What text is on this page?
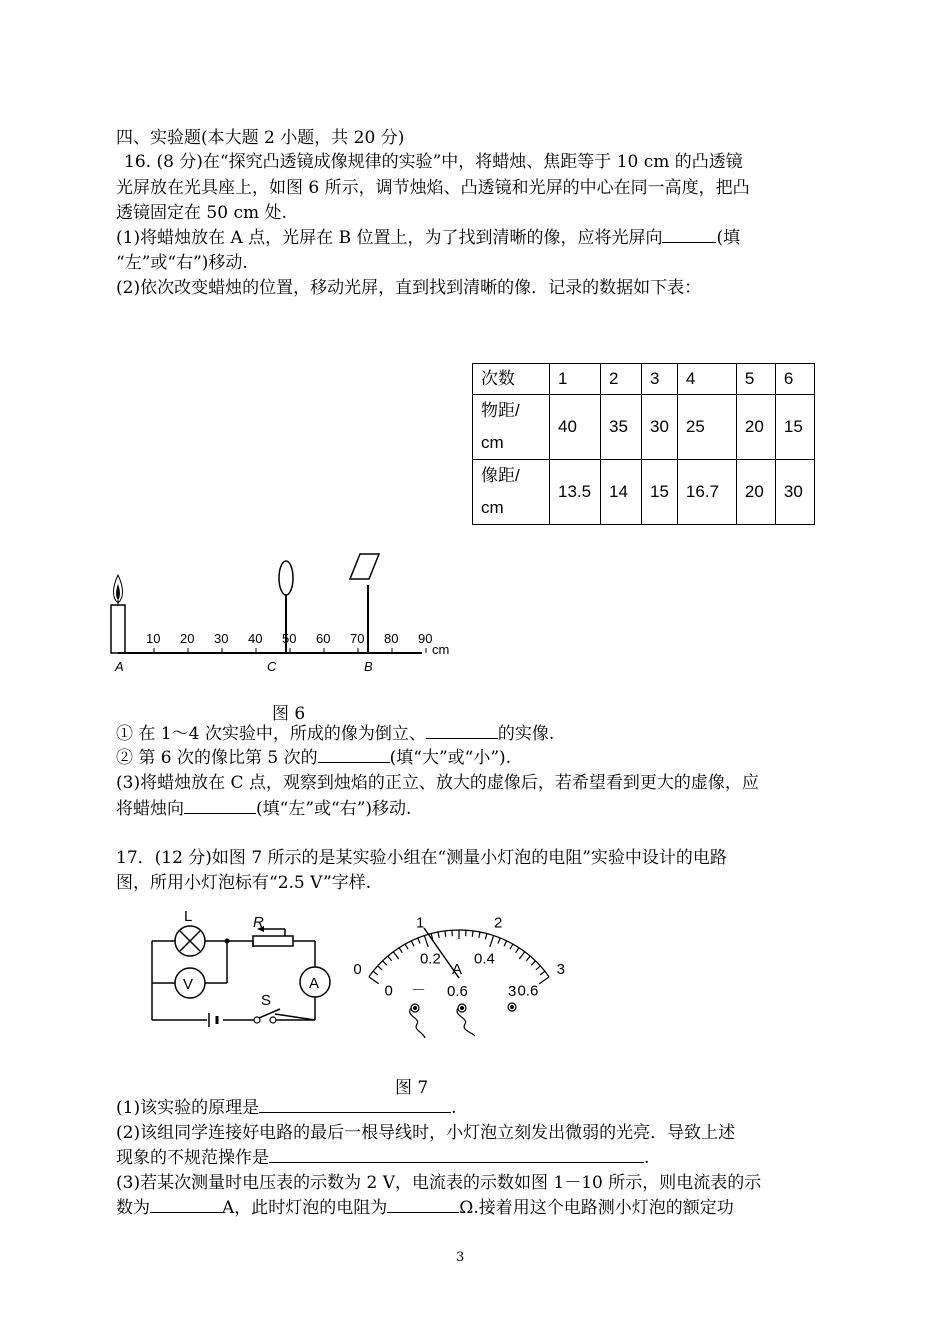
四、实验题(本大题 2 小题，共 20 分)
16. (8 分)在“探究凸透镜成像规律的实验”中，将蜡烛、焦距等于 10 cm 的凸透镜
光屏放在光具座上，如图 6 所示，调节烛焰、凸透镜和光屏的中心在同一高度，把凸
透镜固定在 50 cm 处.
(1)将蜡烛放在 A 点，光屏在 B 位置上，为了找到清晰的像，应将光屏向	(填
“左”或“右”)移动.
(2)依次改变蜡烛的位置，移动光屏，直到找到清晰的像．记录的数据如下表：
次数	1	2	3	4	5	6
物距/
cm	40	35	30	25	20	15
像距/
cm	13.5	14	15	16.7	20	30
10 20 30 40 50 60 70 80 90
cm
A	C	B
图 6
① 在 1～4 次实验中，所成的像为倒立、	的实像.
② 第 6 次的像比第 5 次的	(填“大”或“小”).
(3)将蜡烛放在 C 点，观察到烛焰的正立、放大的虚像后，若希望看到更大的虚像，应
将蜡烛向	(填“左”或“右”)移动.
17．(12 分)如图 7 所示的是某实验小组在“测量小灯泡的电阻”实验中设计的电路
图，所用小灯泡标有“2.5 V”字样.
V	A
L	R
S
0
1	2
3
0
0.2 0.4
0.6
A
－ 0.6	3
图 7
(1)该实验的原理是	.
(2)该组同学连接好电路的最后一根导线时，小灯泡立刻发出微弱的光亮．导致上述
现象的不规范操作是	.
(3)若某次测量时电压表的示数为 2 V，电流表的示数如图 1－10 所示，则电流表的示
数为	A，此时灯泡的电阻为	Ω.接着用这个电路测小灯泡的额定功
3
